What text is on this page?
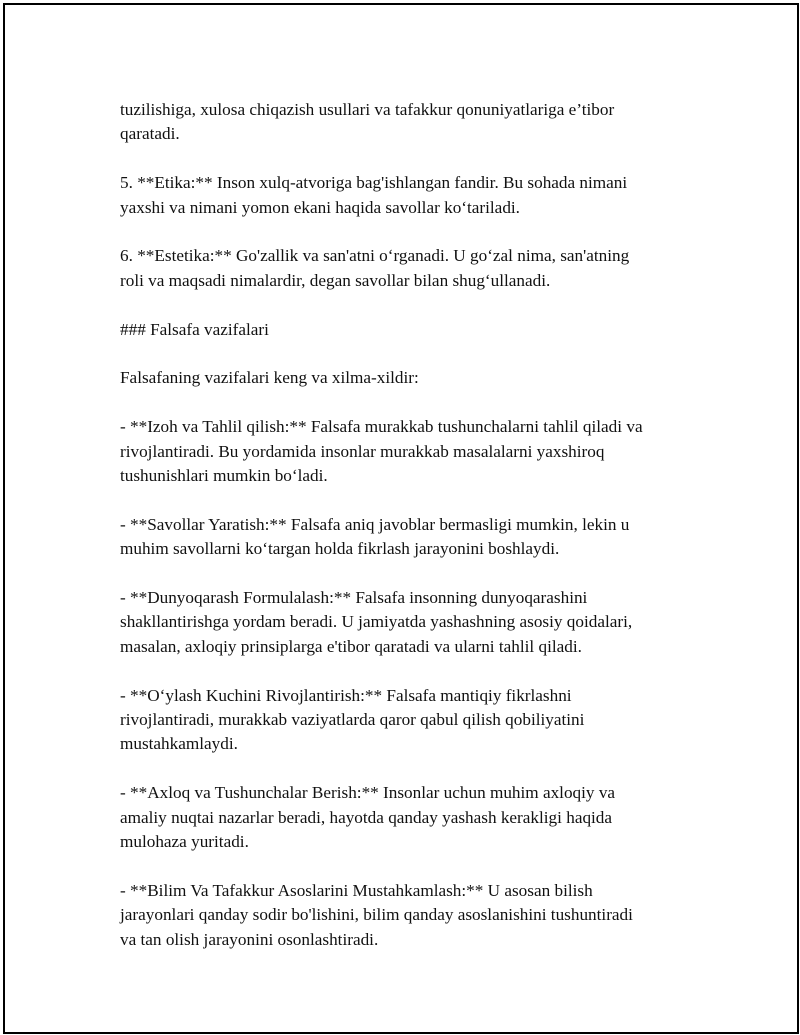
tuzilishiga, xulosa chiqazish usullari va tafakkur qonuniyatlariga e’tibor
qaratadi.

5. **Etika:** Inson xulq-atvoriga bag'ishlangan fandir. Bu sohada nimani
yaxshi va nimani yomon ekani haqida savollar koʻtariladi.

6. **Estetika:** Go'zallik va san'atni oʻrganadi. U goʻzal nima, san'atning
roli va maqsadi nimalardir, degan savollar bilan shugʻullanadi.

### Falsafa vazifalari

Falsafaning vazifalari keng va xilma-xildir:

- **Izoh va Tahlil qilish:** Falsafa murakkab tushunchalarni tahlil qiladi va
rivojlantiradi. Bu yordamida insonlar murakkab masalalarni yaxshiroq
tushunishlari mumkin boʻladi.

- **Savollar Yaratish:** Falsafa aniq javoblar bermasligi mumkin, lekin u
muhim savollarni koʻtargan holda fikrlash jarayonini boshlaydi.

- **Dunyoqarash Formulalash:** Falsafa insonning dunyoqarashini
shakllantirishga yordam beradi. U jamiyatda yashashning asosiy qoidalari,
masalan, axloqiy prinsiplarga e'tibor qaratadi va ularni tahlil qiladi.

- **Oʻylash Kuchini Rivojlantirish:** Falsafa mantiqiy fikrlashni
rivojlantiradi, murakkab vaziyatlarda qaror qabul qilish qobiliyatini
mustahkamlaydi.

- **Axloq va Tushunchalar Berish:** Insonlar uchun muhim axloqiy va
amaliy nuqtai nazarlar beradi, hayotda qanday yashash kerakligi haqida
mulohaza yuritadi.

- **Bilim Va Tafakkur Asoslarini Mustahkamlash:** U asosan bilish
jarayonlari qanday sodir bo'lishini, bilim qanday asoslanishini tushuntiradi
va tan olish jarayonini osonlashtiradi.
